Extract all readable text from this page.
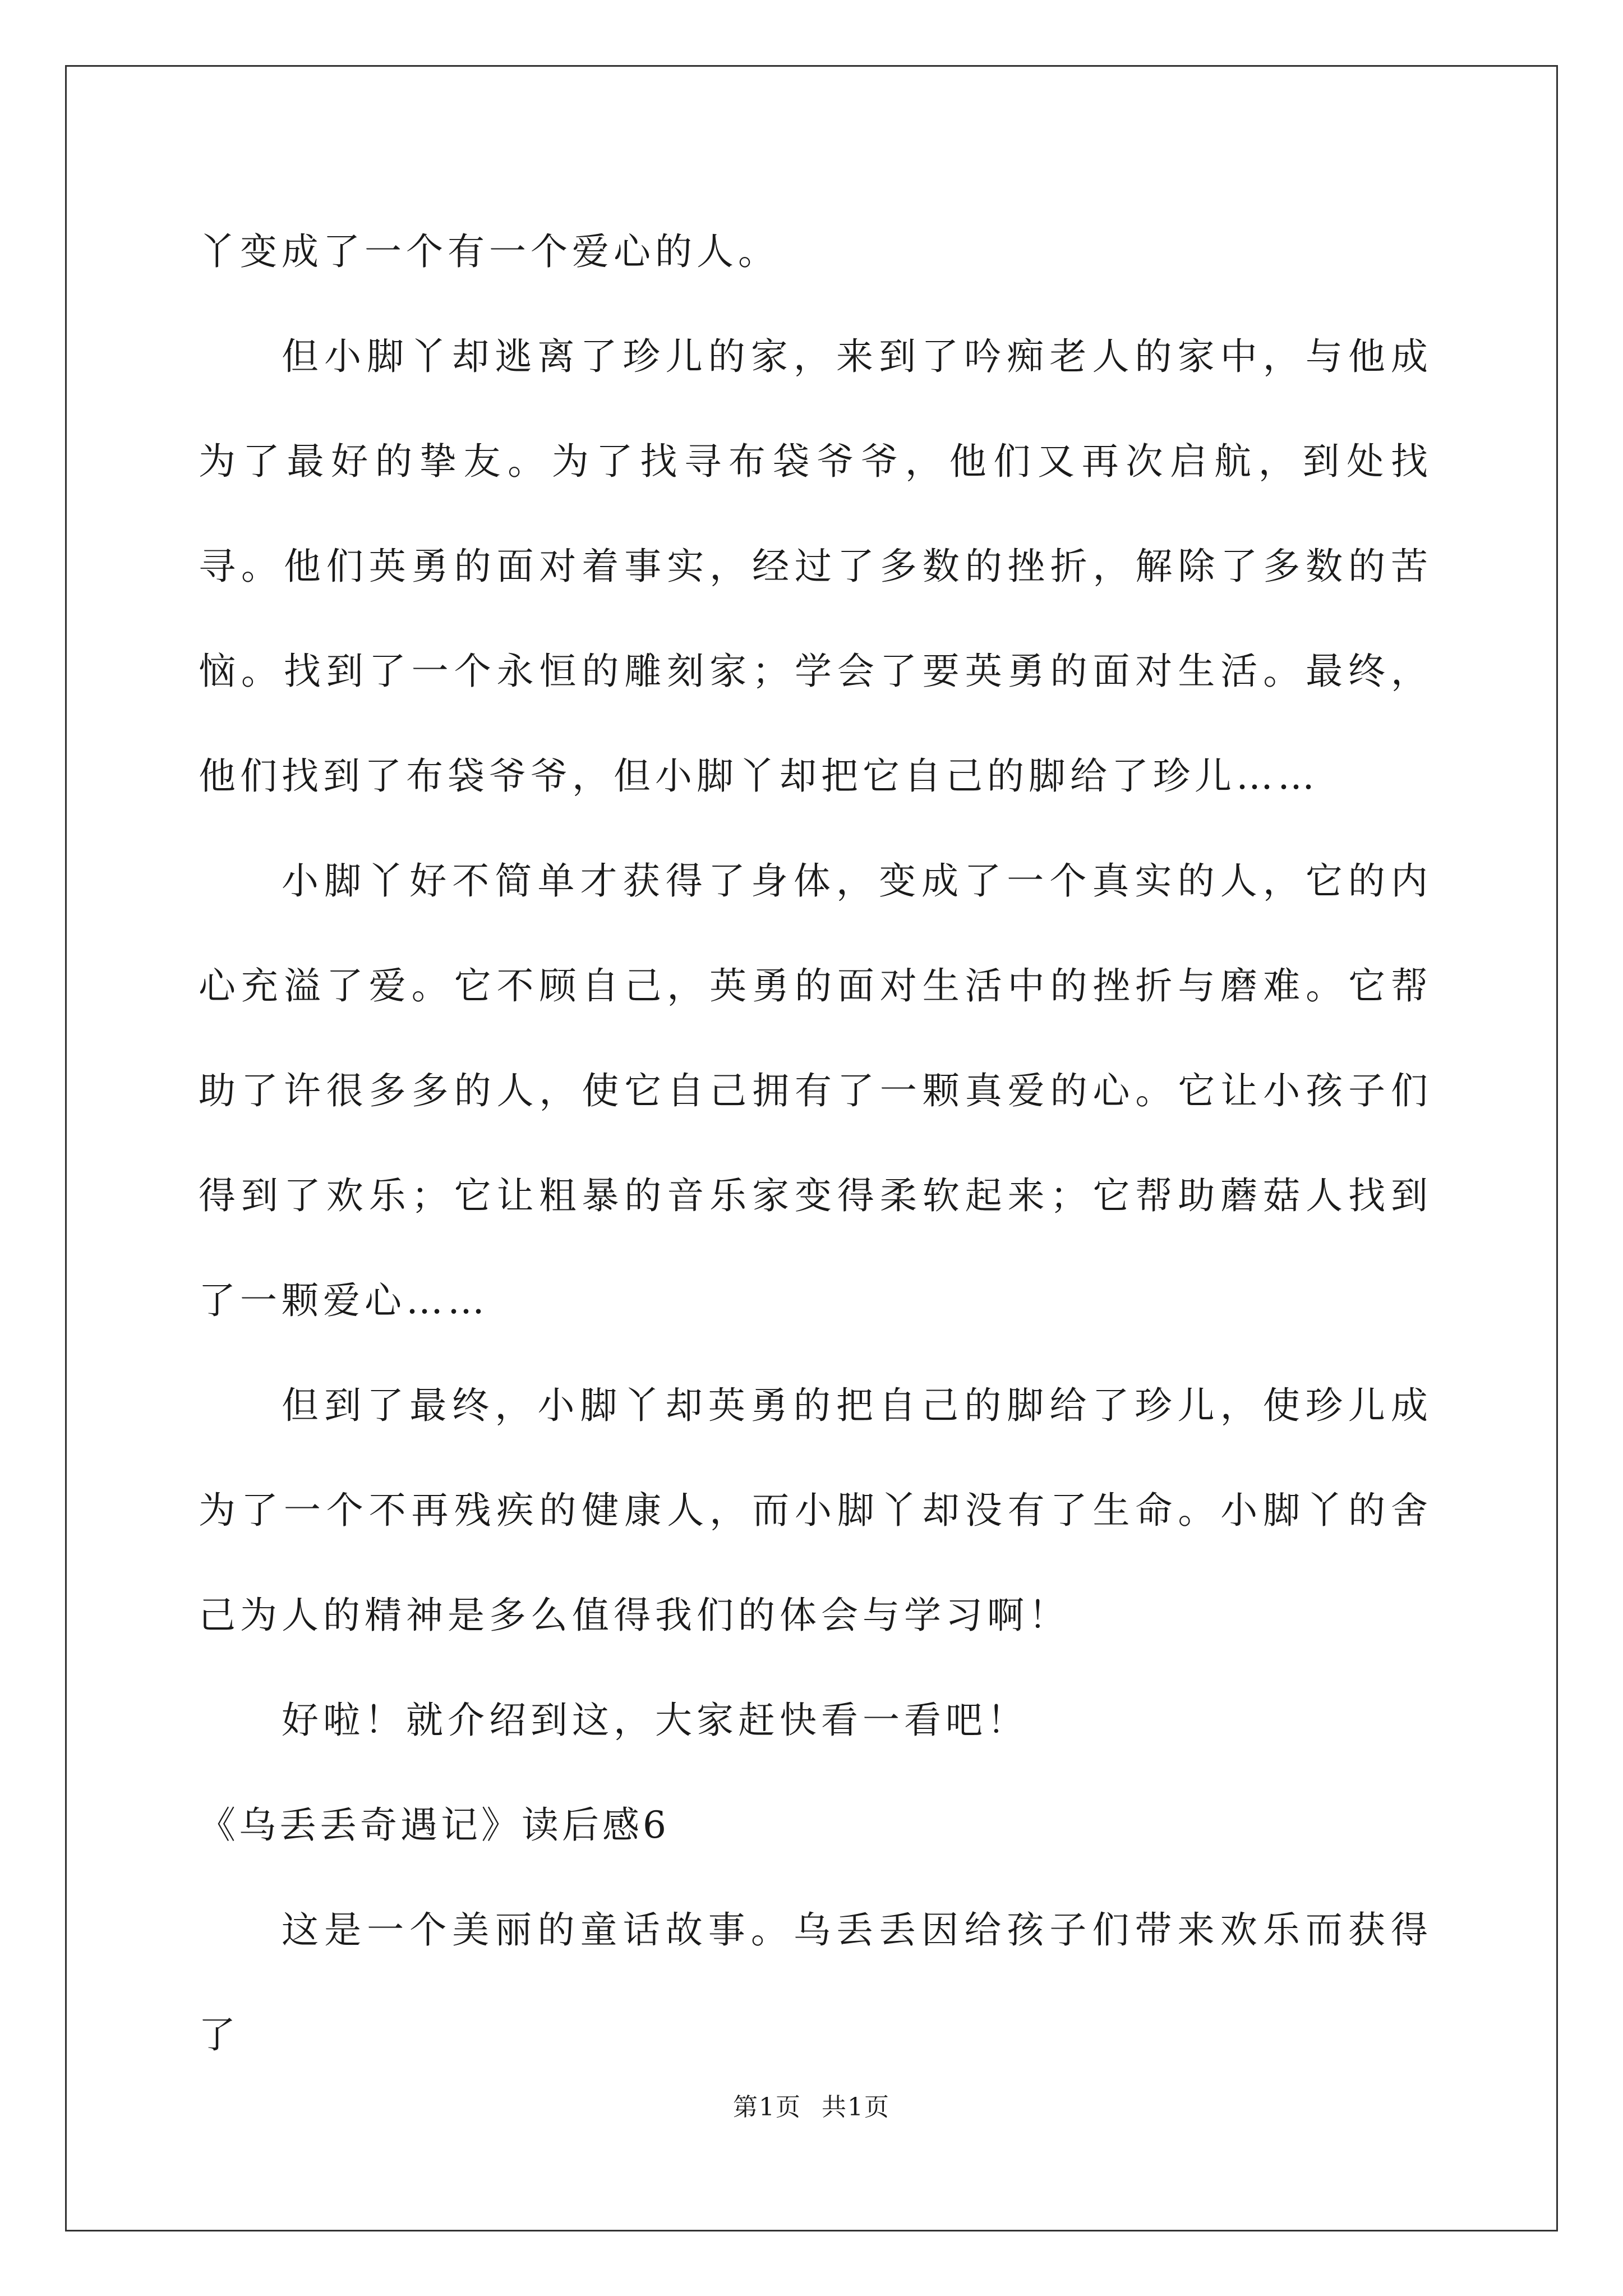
丫变成了一个有一个爱心的人。

但小脚丫却逃离了珍儿的家，来到了吟痴老人的家中，与他成为了最好的挚友。为了找寻布袋爷爷，他们又再次启航，到处找寻。他们英勇的面对着事实，经过了多数的挫折，解除了多数的苦恼。找到了一个永恒的雕刻家；学会了要英勇的面对生活。最终，他们找到了布袋爷爷，但小脚丫却把它自己的脚给了珍儿……

小脚丫好不简单才获得了身体，变成了一个真实的人，它的内心充溢了爱。它不顾自己，英勇的面对生活中的挫折与磨难。它帮助了许很多多的人，使它自己拥有了一颗真爱的心。它让小孩子们得到了欢乐；它让粗暴的音乐家变得柔软起来；它帮助蘑菇人找到了一颗爱心……

但到了最终，小脚丫却英勇的把自己的脚给了珍儿，使珍儿成为了一个不再残疾的健康人，而小脚丫却没有了生命。小脚丫的舍己为人的精神是多么值得我们的体会与学习啊！

好啦！就介绍到这，大家赶快看一看吧！

《乌丢丢奇遇记》读后感6

这是一个美丽的童话故事。乌丢丢因给孩子们带来欢乐而获得了

第1页 共1页
